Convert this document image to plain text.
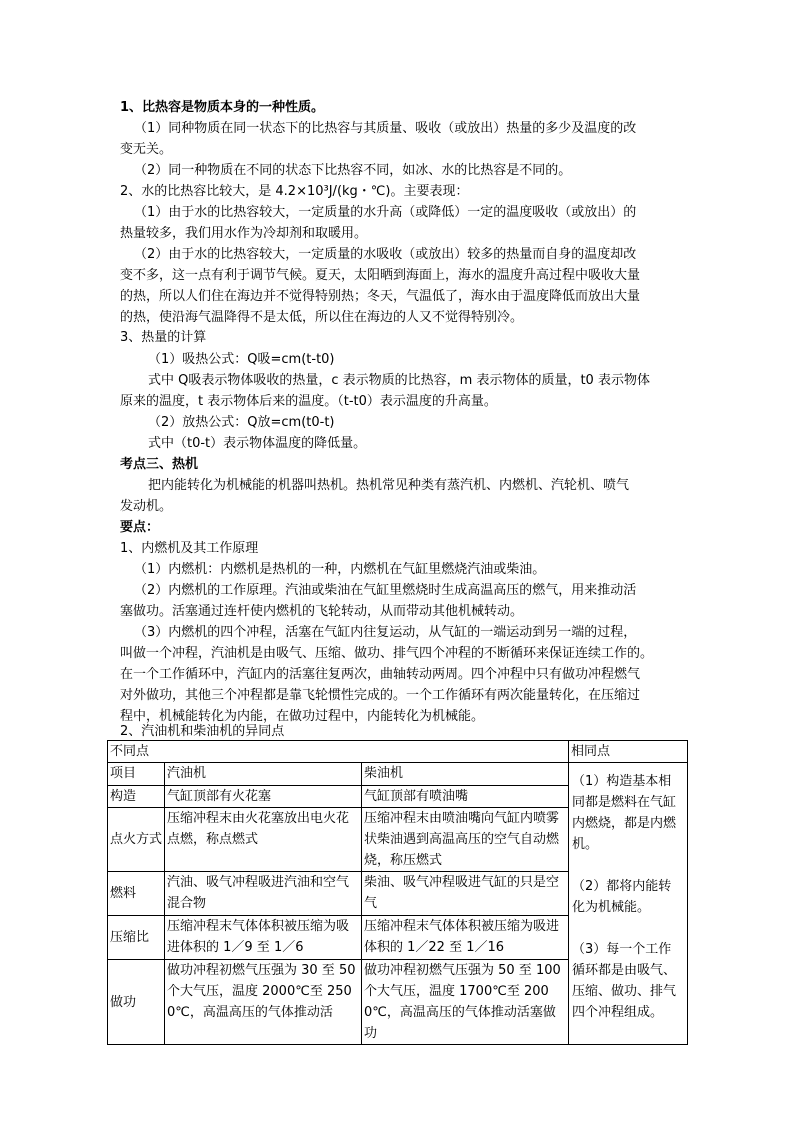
1、比热容是物质本身的一种性质。
（1）同种物质在同一状态下的比热容与其质量、吸收（或放出）热量的多少及温度的改
变无关。
（2）同一种物质在不同的状态下比热容不同，如冰、水的比热容是不同的。
2、水的比热容比较大，是 4.2×10³J/(kg・℃)。主要表现：
（1）由于水的比热容较大，一定质量的水升高（或降低）一定的温度吸收（或放出）的
热量较多，我们用水作为冷却剂和取暖用。
（2）由于水的比热容较大，一定质量的水吸收（或放出）较多的热量而自身的温度却改
变不多，这一点有利于调节气候。夏天，太阳晒到海面上，海水的温度升高过程中吸收大量
的热，所以人们住在海边并不觉得特别热；冬天，气温低了，海水由于温度降低而放出大量
的热，使沿海气温降得不是太低，所以住在海边的人又不觉得特别冷。
3、热量的计算
（1）吸热公式：Q吸=cm(t-t0)
式中 Q吸表示物体吸收的热量，c 表示物质的比热容，m 表示物体的质量，t0 表示物体
原来的温度，t 表示物体后来的温度。（t-t0）表示温度的升高量。
（2）放热公式：Q放=cm(t0-t)
式中（t0-t）表示物体温度的降低量。
考点三、热机
把内能转化为机械能的机器叫热机。热机常见种类有蒸汽机、内燃机、汽轮机、喷气
发动机。
要点：
1、内燃机及其工作原理
（1）内燃机：内燃机是热机的一种，内燃机在气缸里燃烧汽油或柴油。
（2）内燃机的工作原理。汽油或柴油在气缸里燃烧时生成高温高压的燃气，用来推动活
塞做功。活塞通过连杆使内燃机的飞轮转动，从而带动其他机械转动。
（3）内燃机的四个冲程，活塞在气缸内往复运动，从气缸的一端运动到另一端的过程，
叫做一个冲程，汽油机是由吸气、压缩、做功、排气四个冲程的不断循环来保证连续工作的。
在一个工作循环中，汽缸内的活塞往复两次，曲轴转动两周。四个冲程中只有做功冲程燃气
对外做功，其他三个冲程都是靠飞轮惯性完成的。一个工作循环有两次能量转化，在压缩过
程中，机械能转化为内能，在做功过程中，内能转化为机械能。
2、汽油机和柴油机的异同点
不同点			相同点
项目	汽油机	柴油机	（1）构造基本相同都是燃料在气缸内燃烧，都是内燃机。

（2）都将内能转化为机械能。

（3）每一个工作循环都是由吸气、压缩、做功、排气四个冲程组成。

构造	气缸顶部有火花塞	气缸顶部有喷油嘴	
点火方式	压缩冲程末由火花塞放出电火花点燃，称点燃式	压缩冲程末由喷油嘴向气缸内喷雾状柴油遇到高温高压的空气自动燃烧，称压燃式	
燃料	汽油、吸气冲程吸进汽油和空气混合物	柴油、吸气冲程吸进气缸的只是空气	
压缩比	压缩冲程末气体体积被压缩为吸进体积的 1／9 至 1／6	压缩冲程末气体体积被压缩为吸进体积的 1／22 至 1／16	
做功	做功冲程初燃气压强为 30 至 50 个大气压，温度 2000℃至 2500℃，高温高压的气体推动活	做功冲程初燃气压强为 50 至 100 个大气压，温度 1700℃至 2000℃，高温高压的气体推动活塞做功	
